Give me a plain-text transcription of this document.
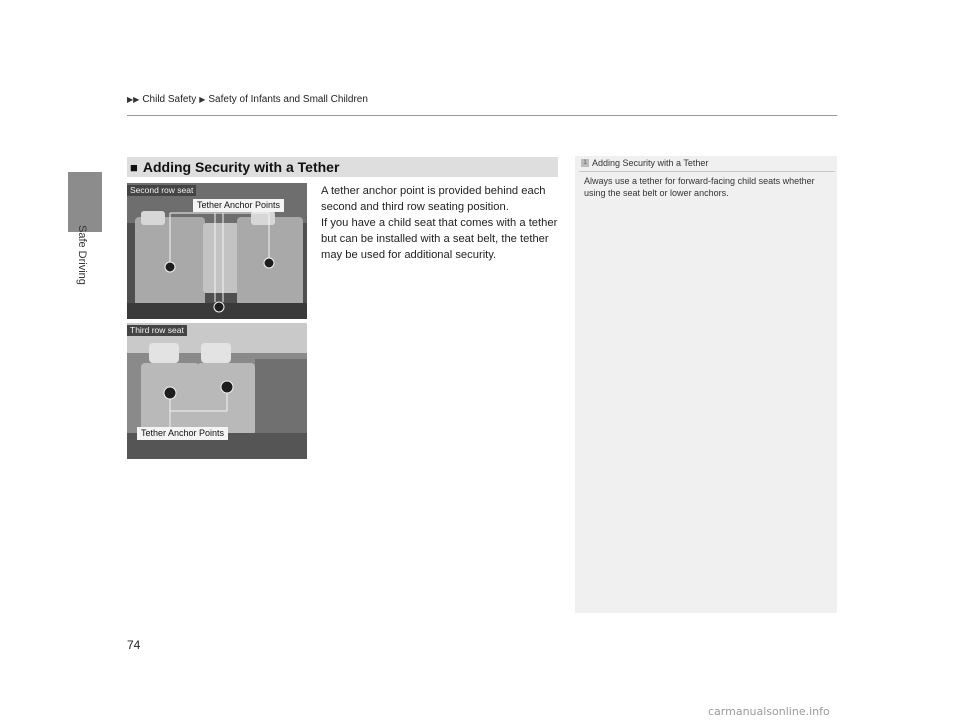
Safe Driving
▶▶ Child Safety ▶ Safety of Infants and Small Children
■ Adding Security with a Tether
Second row seat
Tether Anchor Points
Third row seat
Tether Anchor Points

A tether anchor point is provided behind each second and third row seating position.

If you have a child seat that comes with a tether but can be installed with a seat belt, the tether may be used for additional security.

1 Adding Security with a Tether
Always use a tether for forward-facing child seats whether using the seat belt or lower anchors.
74
carmanualsonline.info
